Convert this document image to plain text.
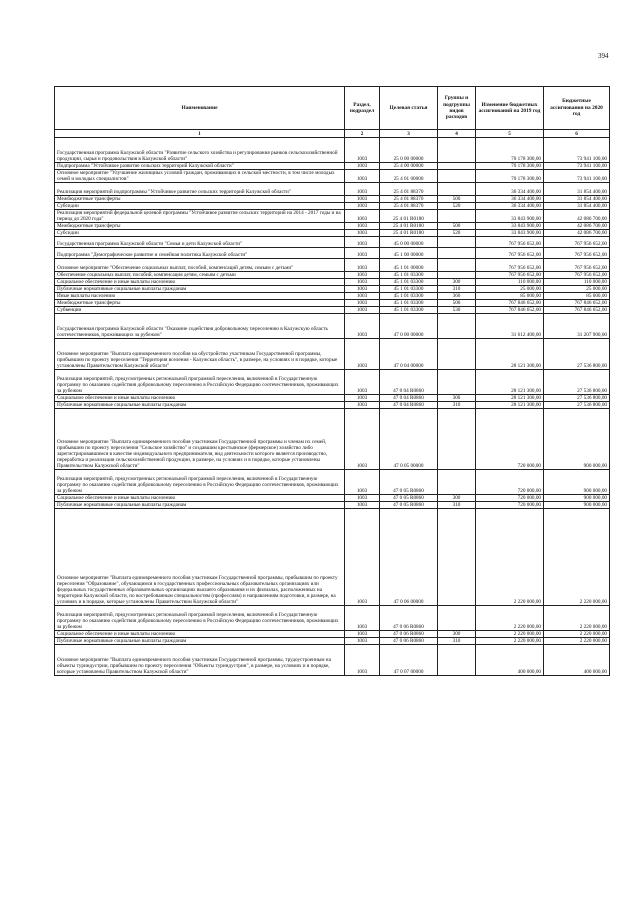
394
Наименование	Раздел, подраздел	Целевая статья	Группы и подгруппы видов расходов	Изменение бюджетных ассигнований на 2019 год	Бюджетные ассигнования на 2020 год
1	2	3	4	5	6
Государственная программа Калужской области "Развитие сельского хозяйства и регулирования рынков сельскохозяйственной продукции, сырья и продовольствия в Калужской области"	1003	25 0 00 00000		70 178 300,00	73 941 100,00
Подпрограмма "Устойчивое развитие сельских территорий Калужской области"	1003	25 4 00 00000		70 178 300,00	73 941 100,00
Основное мероприятие "Улучшение жилищных условий граждан, проживающих в сельской местности, в том числе молодых семей и молодых специалистов"	1003	25 4 01 00000		70 178 300,00	73 941 100,00
Реализация мероприятий подпрограммы "Устойчивое развитие сельских территорий Калужской области"	1003	25 4 01 88370		36 334 400,00	31 854 400,00
Межбюджетные трансферты	1003	25 4 01 88370	500	36 334 400,00	31 854 400,00
Субсидии	1003	25 4 01 88370	520	36 334 400,00	31 854 400,00
Реализация мероприятий федеральной целевой программы "Устойчивое развитие сельских территорий на 2014 - 2017 годы и на период до 2020 года"	1003	25 4 01 R0180		33 843 900,00	42 086 700,00
Межбюджетные трансферты	1003	25 4 01 R0180	500	33 843 900,00	42 086 700,00
Субсидии	1003	25 4 01 R0180	520	33 843 900,00	42 086 700,00
Государственная программа Калужской области "Семья и дети Калужской области"	1003	45 0 00 00000		767 956 652,00	767 956 652,00
Подпрограмма "Демографическое развитие и семейная политика Калужской области"	1003	45 1 00 00000		767 956 652,00	767 956 652,00
Основное мероприятие "Обеспечение социальных выплат, пособий, компенсаций детям, семьям с детьми"	1003	45 1 01 00000		767 956 652,00	767 956 652,00
Обеспечение социальных выплат, пособий, компенсация детям, семьям с детьми	1003	45 1 01 03300		767 956 652,00	767 956 652,00
Социальное обеспечение и иные выплаты населению	1003	45 1 01 03300	300	110 000,00	110 000,00
Публичные нормативные социальные выплаты гражданам	1003	45 1 01 03300	310	25 000,00	25 000,00
Иные выплаты населению	1003	45 1 01 03300	360	85 000,00	85 000,00
Межбюджетные трансферты	1003	45 1 01 03300	500	767 846 652,00	767 846 652,00
Субвенции	1003	45 1 01 03300	530	767 846 652,00	767 846 652,00
Государственная программа Калужской области "Оказание содействия добровольному переселению в Калужскую область соотечественников, проживающих за рубежом"	1003	47 0 00 00000		31 612 400,00	31 207 900,00
Основное мероприятие "Выплата единовременного пособия на обустройство участникам Государственной программы, прибывшим по проекту переселения "Территория вселения - Калужская область", в размере, на условиях и в порядке, которые установлены Правительством Калужской области"	1003	47 0 04 00000		28 121 300,00	27 536 800,00
Реализация мероприятий, предусмотренных региональной программой переселения, включенной в Государственную программу по оказанию содействия добровольному переселению в Российскую Федерацию соотечественников, проживающих за рубежом	1003	47 0 04 R0860		28 121 300,00	27 536 800,00
Социальное обеспечение и иные выплаты населению	1003	47 0 04 R0860	300	28 121 300,00	27 536 800,00
Публичные нормативные социальные выплаты гражданам	1003	47 0 04 R0860	310	28 121 300,00	27 536 800,00
Основное мероприятие "Выплата единовременного пособия участникам Государственной программы и членам их семей, прибывшим по проекту переселения "Сельское хозяйство" и создавшим крестьянское (фермерское) хозяйство либо зарегистрировавшимся в качестве индивидуального предпринимателя, вид деятельности которого является производство, переработка и реализация сельскохозяйственной продукции, в размере, на условиях и в порядке, которые установлены Правительством Калужской области"	1003	47 0 05 00000		720 000,00	900 000,00
Реализация мероприятий, предусмотренных региональной программой переселения, включенной в Государственную программу по оказанию содействия добровольному переселению в Российскую Федерацию соотечественников, проживающих за рубежом	1003	47 0 05 R0860		720 000,00	900 000,00
Социальное обеспечение и иные выплаты населению	1003	47 0 05 R0860	300	720 000,00	900 000,00
Публичные нормативные социальные выплаты гражданам	1003	47 0 05 R0860	310	720 000,00	900 000,00
Основное мероприятие "Выплата единовременного пособия участникам Государственной программы, прибывшим по проекту переселения "Образование", обучающимся в государственных профессиональных образовательных организациях или федеральных государственных образовательных организациях высшего образования и их филиалах, расположенных на территории Калужской области, по востребованным специальностям (профессиям) и направлениям подготовки, в размере, на условиях и в порядке, которые установлены Правительством Калужской области"	1003	47 0 06 00000		2 220 000,00	2 220 000,00
Реализация мероприятий, предусмотренных региональной программой переселения, включенной в Государственную программу по оказанию содействия добровольному переселению в Российскую Федерацию соотечественников, проживающих за рубежом	1003	47 0 06 R0860		2 220 000,00	2 220 000,00
Социальное обеспечение и иные выплаты населению	1003	47 0 06 R0860	300	2 220 000,00	2 220 000,00
Публичные нормативные социальные выплаты гражданам	1003	47 0 06 R0860	310	2 220 000,00	2 220 000,00
Основное мероприятие "Выплата единовременного пособия участникам Государственной программы, трудоустроенным на объекты туриндустрии, прибывшим по проекту переселения "Объекты туриндустрии", в размере, на условиях и в порядке, которые установлены Правительством Калужской области"	1003	47 0 07 00000		400 000,00	400 000,00
